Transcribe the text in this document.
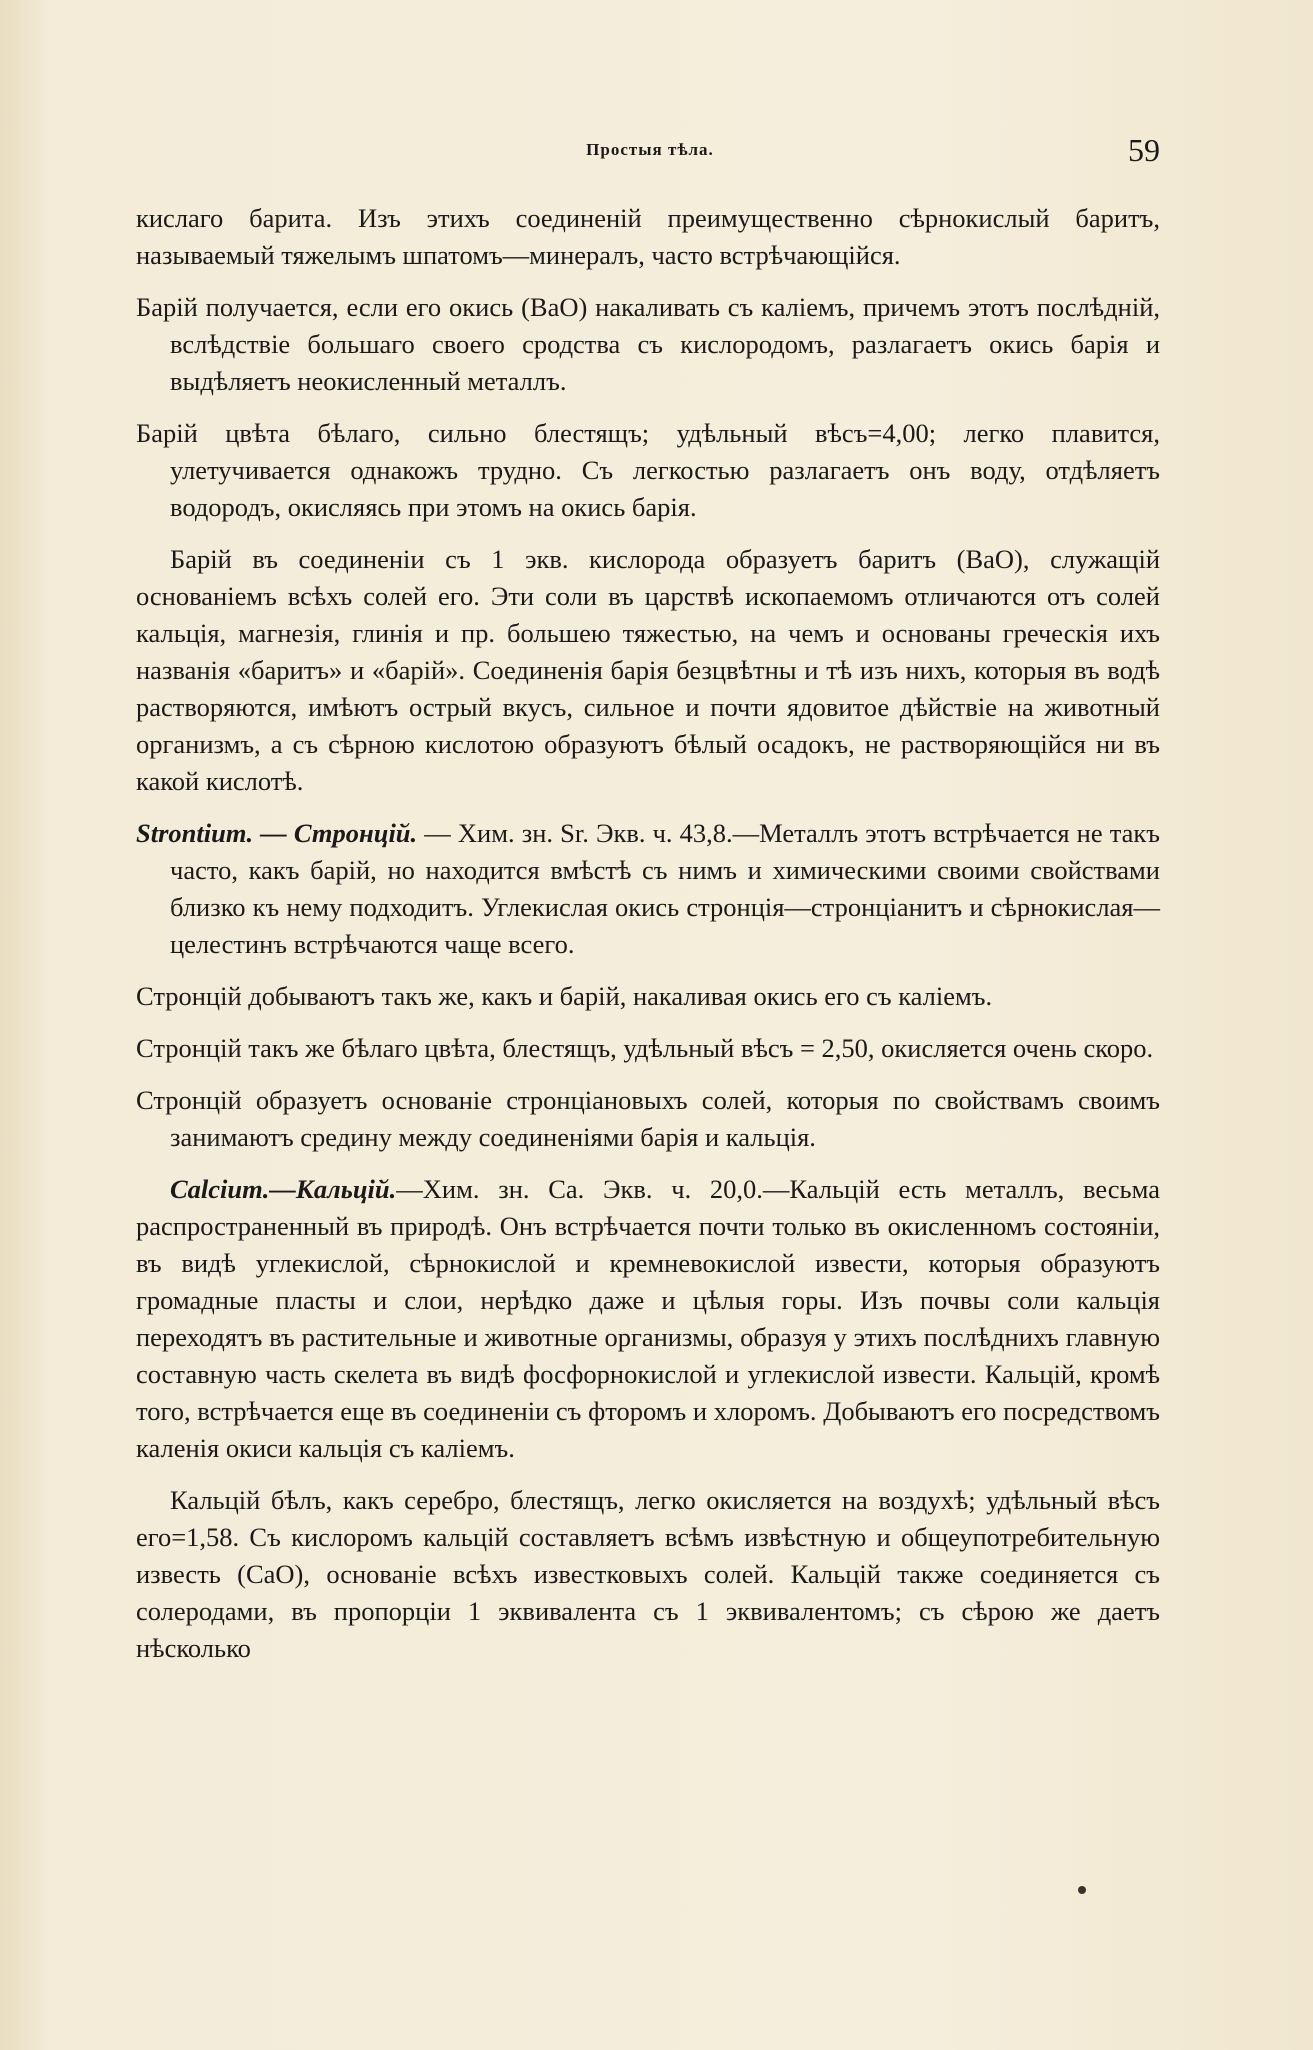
Простыя тѣла.	59

кислаго барита. Изъ этихъ соединеній преимущественно сѣрнокислый баритъ, называемый тяжелымъ шпатомъ—минералъ, часто встрѣчающійся.

Барій получается, если его окись (BaO) накаливать съ каліемъ, причемъ этотъ послѣдній, вслѣдствіе большаго своего сродства съ кислородомъ, разлагаетъ окись барія и выдѣляетъ неокисленный металлъ.

Барій цвѣта бѣлаго, сильно блестящъ; удѣльный вѣсъ=4,00; легко плавится, улетучивается однакожъ трудно. Съ легкостью разлагаетъ онъ воду, отдѣляетъ водородъ, окисляясь при этомъ на окись барія.

Барій въ соединеніи съ 1 экв. кислорода образуетъ баритъ (BaO), служащій основаніемъ всѣхъ солей его. Эти соли въ царствѣ ископаемомъ отличаются отъ солей кальція, магнезія, глинія и пр. большею тяжестью, на чемъ и основаны греческія ихъ названія «баритъ» и «барій». Соединенія барія безцвѣтны и тѣ изъ нихъ, которыя въ водѣ растворяются, имѣютъ острый вкусъ, сильное и почти ядовитое дѣйствіе на животный организмъ, а съ сѣрною кислотою образуютъ бѣлый осадокъ, не растворяющійся ни въ какой кислотѣ.

Strontium. — Стронцій. — Хим. зн. Sr. Экв. ч. 43,8.—Металлъ этотъ встрѣчается не такъ часто, какъ барій, но находится вмѣстѣ съ нимъ и химическими своими свойствами близко къ нему подходитъ. Углекислая окись стронція—стронціанитъ и сѣрнокислая—целестинъ встрѣчаются чаще всего.

Стронцій добываютъ такъ же, какъ и барій, накаливая окись его съ каліемъ.

Стронцій такъ же бѣлаго цвѣта, блестящъ, удѣльный вѣсъ = 2,50, окисляется очень скоро.

Стронцій образуетъ основаніе стронціановыхъ солей, которыя по свойствамъ своимъ занимаютъ средину между соединеніями барія и кальція.

Calcium.—Кальцій.—Хим. зн. Ca. Экв. ч. 20,0.—Кальцій есть металлъ, весьма распространенный въ природѣ. Онъ встрѣчается почти только въ окисленномъ состояніи, въ видѣ углекислой, сѣрнокислой и кремневокислой извести, которыя образуютъ громадные пласты и слои, нерѣдко даже и цѣлыя горы. Изъ почвы соли кальція переходятъ въ растительные и животные организмы, образуя у этихъ послѣднихъ главную составную часть скелета въ видѣ фосфорнокислой и углекислой извести. Кальцій, кромѣ того, встрѣчается еще въ соединеніи съ фторомъ и хлоромъ. Добываютъ его посредствомъ каленія окиси кальція съ каліемъ.

Кальцій бѣлъ, какъ серебро, блестящъ, легко окисляется на воздухѣ; удѣльный вѣсъ его=1,58. Съ кислоромъ кальцій составляетъ всѣмъ извѣстную и общеупотребительную известь (CaO), основаніе всѣхъ известковыхъ солей. Кальцій также соединяется съ солеродами, въ пропорціи 1 эквивалента съ 1 эквивалентомъ; съ сѣрою же даетъ нѣсколько
